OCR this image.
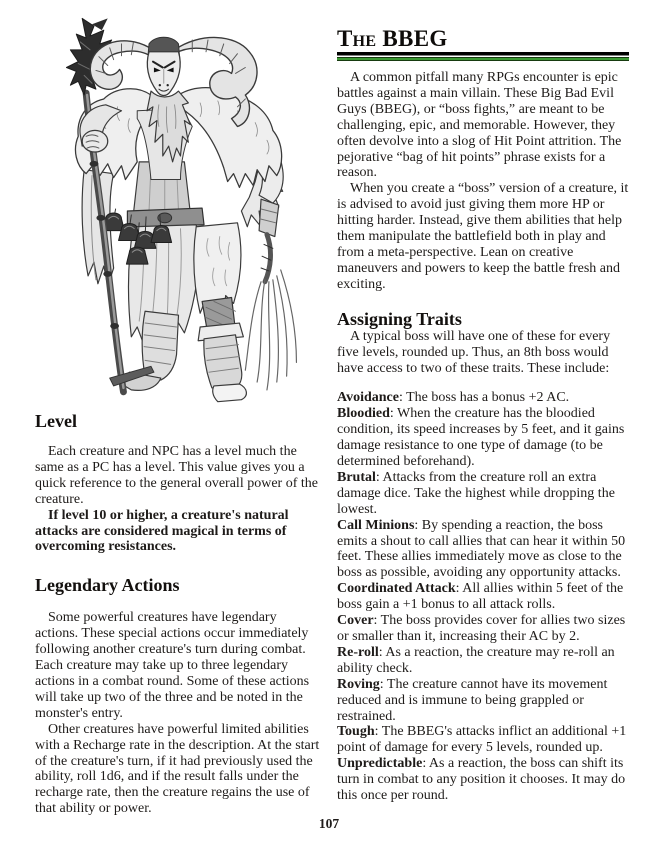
Level

Each creature and NPC has a level much the same as a PC has a level. This value gives you a quick reference to the general overall power of the creature.

If level 10 or higher, a creature's natural attacks are considered magical in terms of overcoming resistances.

Legendary Actions

Some powerful creatures have legendary actions. These special actions occur immediately following another creature's turn during combat. Each creature may take up to three legendary actions in a combat round. Some of these actions will take up two of the three and be noted in the monster's entry.

Other creatures have powerful limited abilities with a Recharge rate in the description. At the start of the creature's turn, if it had previously used the ability, roll 1d6, and if the result falls under the recharge rate, then the creature regains the use of that ability or power.

The BBEG

A common pitfall many RPGs encounter is epic battles against a main villain. These Big Bad Evil Guys (BBEG), or “boss fights,” are meant to be challenging, epic, and memorable. However, they often devolve into a slog of Hit Point attrition. The pejorative “bag of hit points” phrase exists for a reason.

When you create a “boss” version of a creature, it is advised to avoid just giving them more HP or hitting harder. Instead, give them abilities that help them manipulate the battlefield both in play and from a meta-perspective. Lean on creative maneuvers and powers to keep the battle fresh and exciting.

Assigning Traits

A typical boss will have one of these for every five levels, rounded up. Thus, an 8th boss would have access to two of these traits. These include:

Avoidance: The boss has a bonus +2 AC.

Bloodied: When the creature has the bloodied condition, its speed increases by 5 feet, and it gains damage resistance to one type of damage (to be determined beforehand).

Brutal: Attacks from the creature roll an extra damage dice. Take the highest while dropping the lowest.

Call Minions: By spending a reaction, the boss emits a shout to call allies that can hear it within 50 feet. These allies immediately move as close to the boss as possible, avoiding any opportunity attacks.

Coordinated Attack: All allies within 5 feet of the boss gain a +1 bonus to all attack rolls.

Cover: The boss provides cover for allies two sizes or smaller than it, increasing their AC by 2.

Re-roll: As a reaction, the creature may re-roll an ability check.

Roving: The creature cannot have its movement reduced and is immune to being grappled or restrained.

Tough: The BBEG's attacks inflict an additional +1 point of damage for every 5 levels, rounded up.

Unpredictable: As a reaction, the boss can shift its turn in combat to any position it chooses. It may do this once per round.

107
